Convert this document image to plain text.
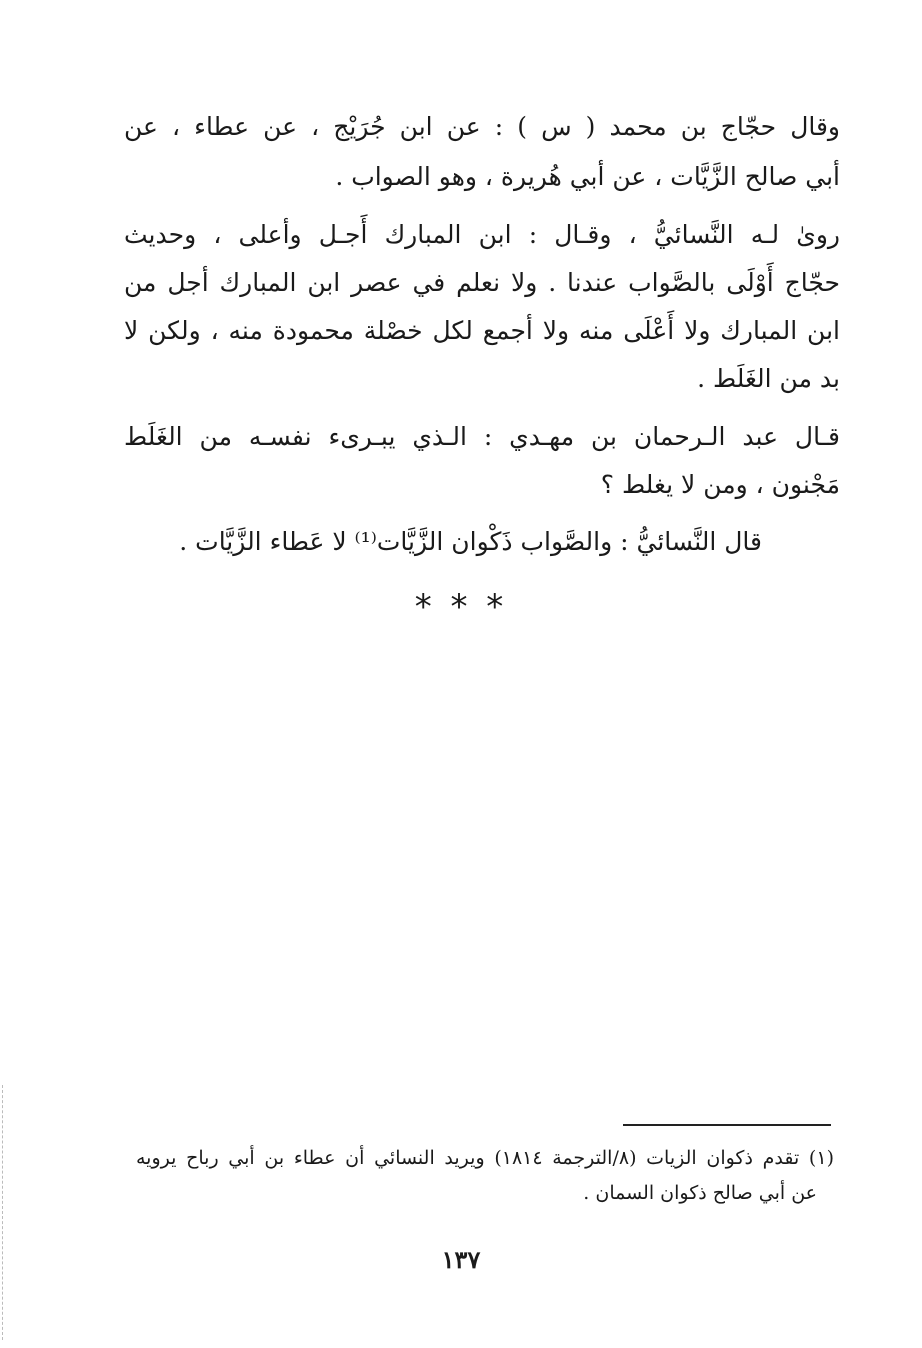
وقال حجّاج بن محمد ( س ) : عن ابن جُرَيْج ، عن عطاء ، عن
أبي صالح الزَّيَّات ، عن أبي هُريرة ، وهو الصواب .
روىٰ لـه النَّسائيُّ ، وقـال : ابن المبارك أَجـل وأعلى ، وحديث
حجّاج أَوْلَى بالصَّواب عندنا . ولا نعلم في عصر ابن المبارك أجل من
ابن المبارك ولا أَعْلَى منه ولا أجمع لكل خصْلة محمودة منه ، ولكن لا
بد من الغَلَط .
قـال عبد الـرحمان بن مهـدي : الـذي يبـرىء نفسـه من الغَلَط
مَجْنون ، ومن لا يغلط ؟
قال النَّسائيُّ : والصَّواب ذَكْوان الزَّيَّات⁽¹⁾ لا عَطاء الزَّيَّات .
* * *
(١) تقدم ذكوان الزيات (٨/الترجمة ١٨١٤) ويريد النسائي أن عطاء بن أبي رباح يرويه
عن أبي صالح ذكوان السمان .
١٣٧
